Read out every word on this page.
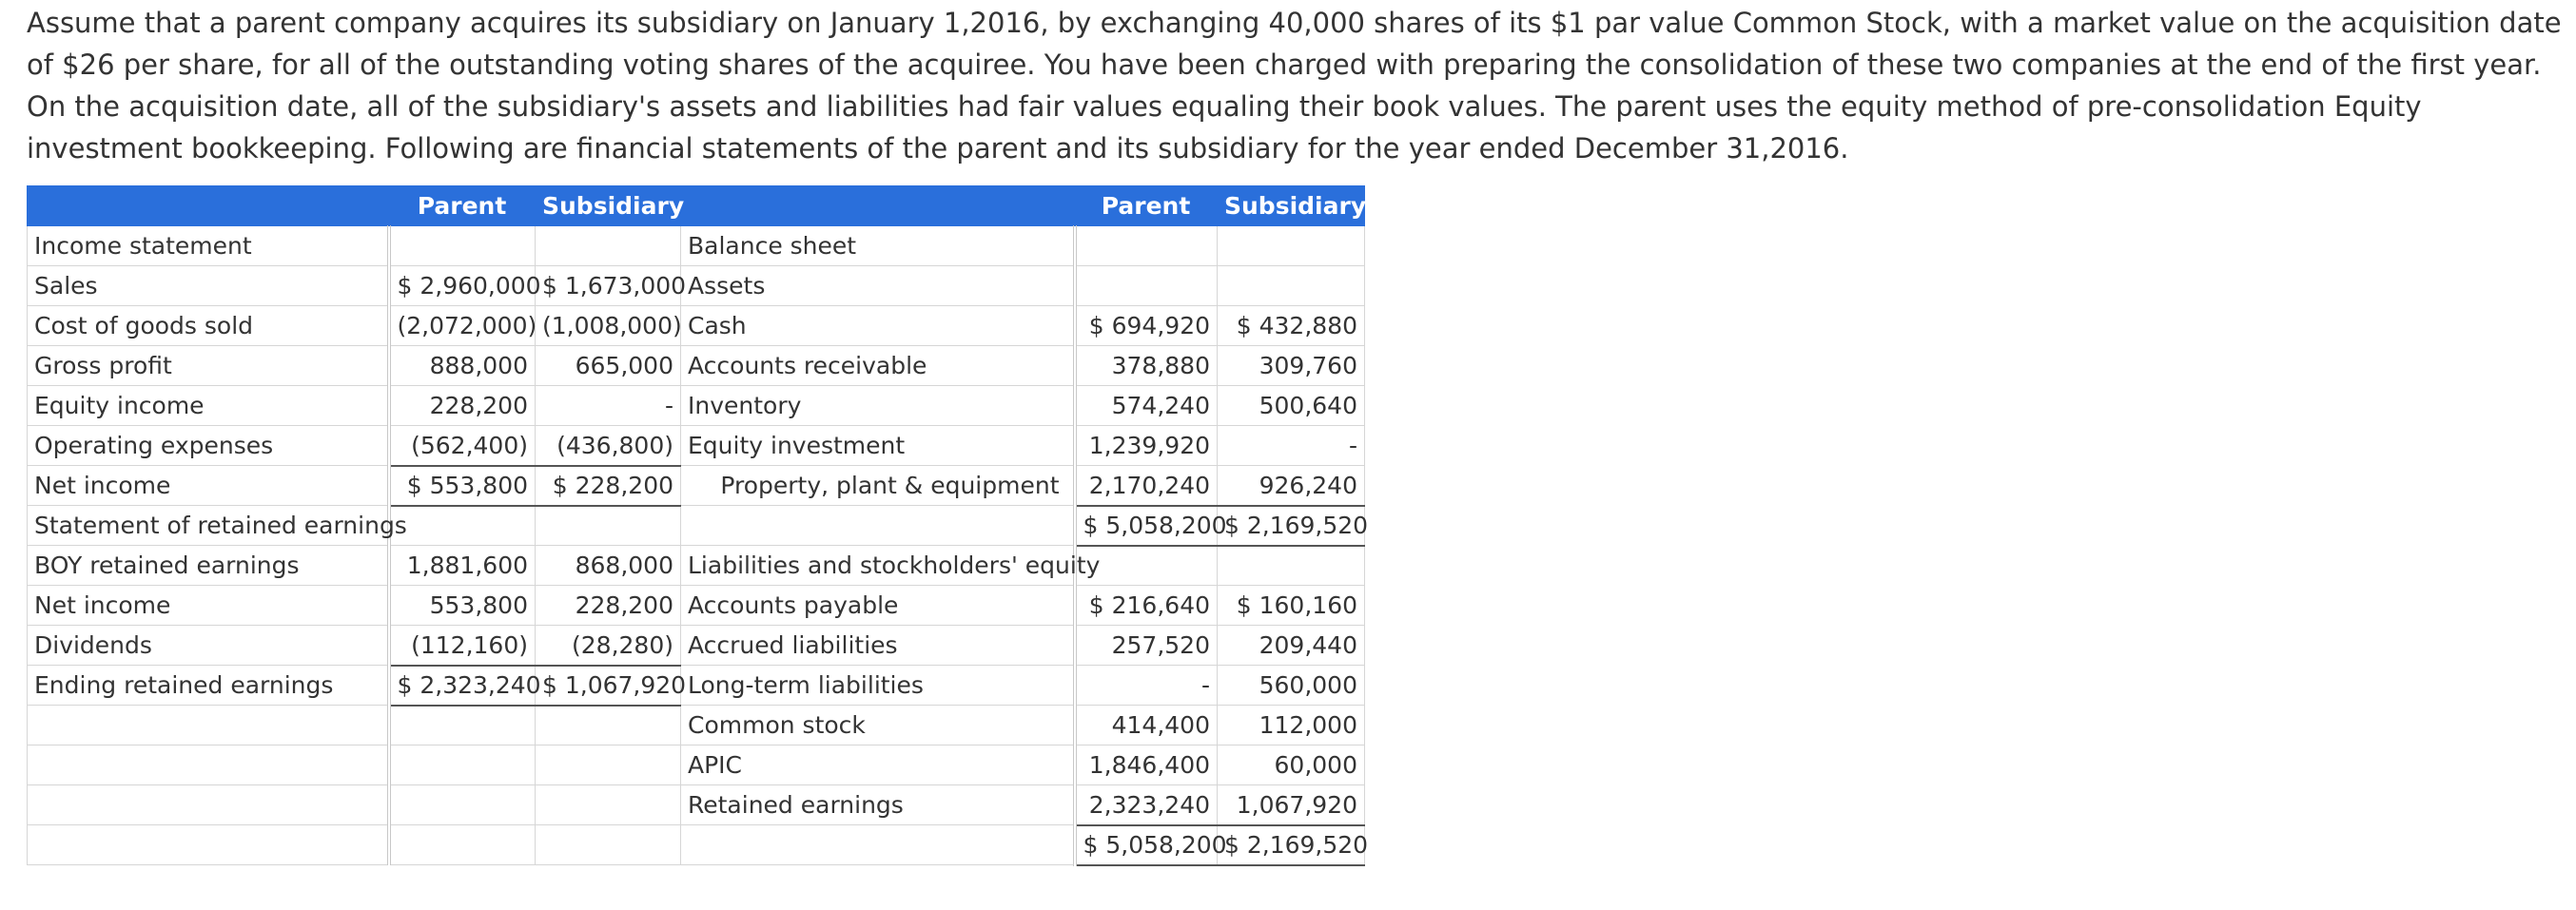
Assume that a parent company acquires its subsidiary on January 1,2016, by exchanging 40,000 shares of its $1 par value Common Stock, with a market value on the acquisition date of $26 per share, for all of the outstanding voting shares of the acquiree. You have been charged with preparing the consolidation of these two companies at the end of the first year.

On the acquisition date, all of the subsidiary's assets and liabilities had fair values equaling their book values. The parent uses the equity method of pre-consolidation Equity investment bookkeeping. Following are financial statements of the parent and its subsidiary for the year ended December 31,2016.

	Parent	Subsidiary		Parent	Subsidiary
Income statement			Balance sheet		
Sales	$ 2,960,000	$ 1,673,000	Assets		
Cost of goods sold	(2,072,000)	(1,008,000)	Cash	$ 694,920	$ 432,880
Gross profit	888,000	665,000	Accounts receivable	378,880	309,760
Equity income	228,200	-	Inventory	574,240	500,640
Operating expenses	(562,400)	(436,800)	Equity investment	1,239,920	-
Net income	$ 553,800	$ 228,200	Property, plant & equipment	2,170,240	926,240
Statement of retained earnings				$ 5,058,200	$ 2,169,520
BOY retained earnings	1,881,600	868,000	Liabilities and stockholders' equity		
Net income	553,800	228,200	Accounts payable	$ 216,640	$ 160,160
Dividends	(112,160)	(28,280)	Accrued liabilities	257,520	209,440
Ending retained earnings	$ 2,323,240	$ 1,067,920	Long-term liabilities	-	560,000
			Common stock	414,400	112,000
			APIC	1,846,400	60,000
			Retained earnings	2,323,240	1,067,920
				$ 5,058,200	$ 2,169,520
